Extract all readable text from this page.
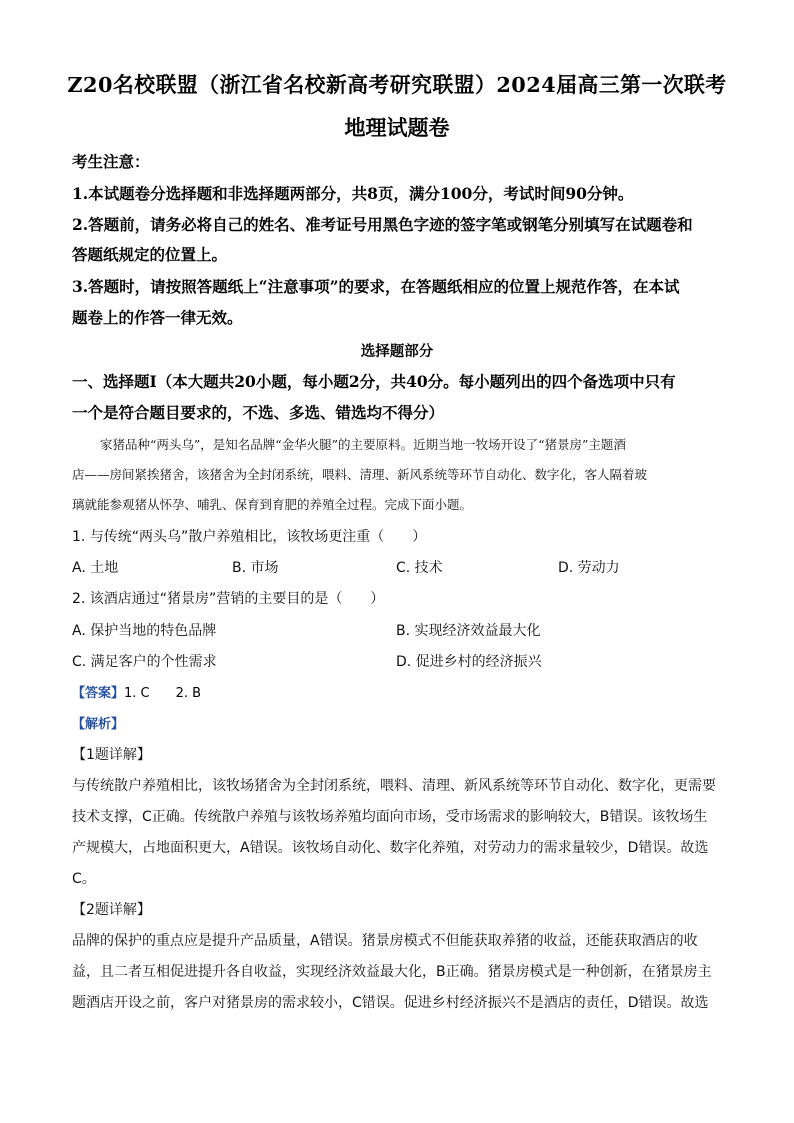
Z20名校联盟（浙江省名校新高考研究联盟）2024届高三第一次联考
地理试题卷
考生注意：
1.本试题卷分选择题和非选择题两部分，共8页，满分100分，考试时间90分钟。
2.答题前，请务必将自己的姓名、准考证号用黑色字迹的签字笔或钢笔分别填写在试题卷和
答题纸规定的位置上。
3.答题时，请按照答题纸上“注意事项”的要求，在答题纸相应的位置上规范作答，在本试
题卷上的作答一律无效。
选择题部分
一、选择题Ⅰ（本大题共20小题，每小题2分，共40分。每小题列出的四个备选项中只有
一个是符合题目要求的，不选、多选、错选均不得分）
家猪品种“两头乌”，是知名品牌“金华火腿”的主要原料。近期当地一牧场开设了“猪景房”主题酒
店——房间紧挨猪舍，该猪舍为全封闭系统，喂料、清理、新风系统等环节自动化、数字化，客人隔着玻
璃就能参观猪从怀孕、哺乳、保育到育肥的养殖全过程。完成下面小题。
1. 与传统“两头乌”散户养殖相比，该牧场更注重（　　）
A. 土地	B. 市场	C. 技术	D. 劳动力
2. 该酒店通过“猪景房”营销的主要目的是（　　）
A. 保护当地的特色品牌	B. 实现经济效益最大化
C. 满足客户的个性需求	D. 促进乡村的经济振兴
【答案】1. C　　2. B
【解析】
【1题详解】
与传统散户养殖相比，该牧场猪舍为全封闭系统，喂料、清理、新风系统等环节自动化、数字化，更需要
技术支撑，C正确。传统散户养殖与该牧场养殖均面向市场，受市场需求的影响较大，B错误。该牧场生
产规模大，占地面积更大，A错误。该牧场自动化、数字化养殖，对劳动力的需求量较少，D错误。故选
C。
【2题详解】
品牌的保护的重点应是提升产品质量，A错误。猪景房模式不但能获取养猪的收益，还能获取酒店的收
益，且二者互相促进提升各自收益，实现经济效益最大化，B正确。猪景房模式是一种创新，在猪景房主
题酒店开设之前，客户对猪景房的需求较小，C错误。促进乡村经济振兴不是酒店的责任，D错误。故选
